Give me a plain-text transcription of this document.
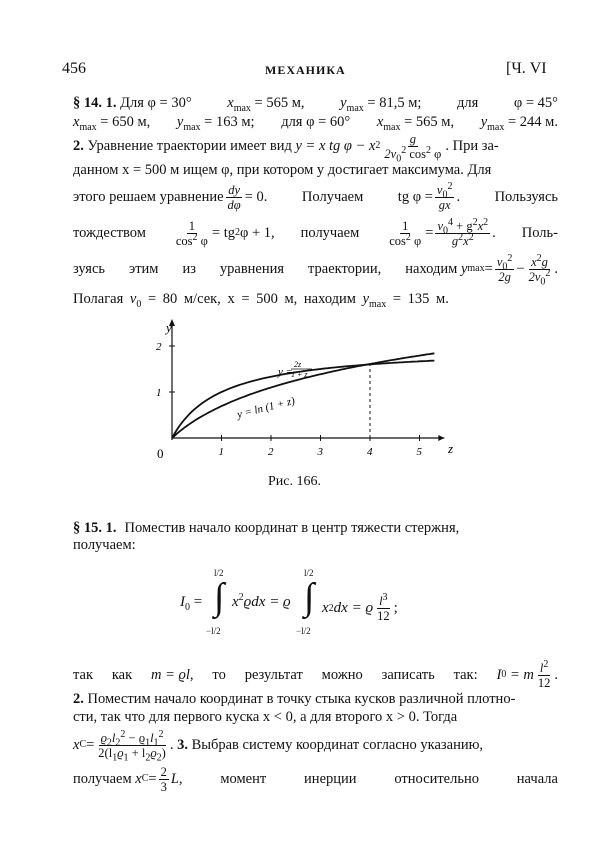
456	МЕХАНИКА	[Ч. VI
§ 14. 1. Для φ = 30° $x_{max} = 565$ м, $y_{max} = 81,5$ м; для φ = 45°
$x_{max} = 650$ м, $y_{max} = 163$ м; для φ = 60° $x_{max} = 565$ м, $y_{max} = 244$ м.
2.
Уравнение траектории имеет вид
y = x tg φ − x $2 \frac{g}{2v_0^2 \cos^2 \varphi}$ . При за-
данном x = 500 м ищем φ, при котором y достигает максимума. Для
этого решаем уравнение $\frac{dy}{d\varphi} = 0$. Получаем tg $\varphi = \frac{v_0^2}{gx}$ . Пользуясь
тождеством $\frac{1}{\cos^2 \varphi}$ = tg 2 φ + 1, получаем $\frac{1}{\cos^2 \varphi} = \frac{v_0^4 + g^2x^2}{g^2x^2}$ . Поль-
зуясь этим из уравнения траектории, находим
y $\max = \frac{v_0^2}{2g} - \frac{x^2g}{2v_0^2}$ .
Полагая $v_0 = 80$ м/сек, x = 500 м, находим $y_{max} = 135$ м.
1	2	3	4	5
1
2
y
z
0
y =
2z
1 + z
y = ln (1 + z)
Рис. 166.
§ 15. 1. Поместив начало координат в центр тяжести стержня,
получаем:
$I_0$ =
l/2
∫
−l/2
$x^2ϱdx = ϱ$
l/2
∫
−l/2
x 2 dx = ϱ $\frac{l^3}{12}$ ;
так как m = ϱl, то результат можно записать так: I 0
= m $\frac{l^2}{12}$ .
2. Поместим начало координат в точку стыка кусков различной плотно-
сти, так что для первого куска x < 0, а для второго x > 0. Тогда
x $C = \frac{ϱ_2l_2^2 - ϱ_1l_1^2}{2(l_1ϱ_1 + l_2ϱ_2)}$ .
3.
Выбрав систему координат согласно указанию,
получаем
x $C = \frac{2}{3} L$,	момент	инерции	относительно	начала
